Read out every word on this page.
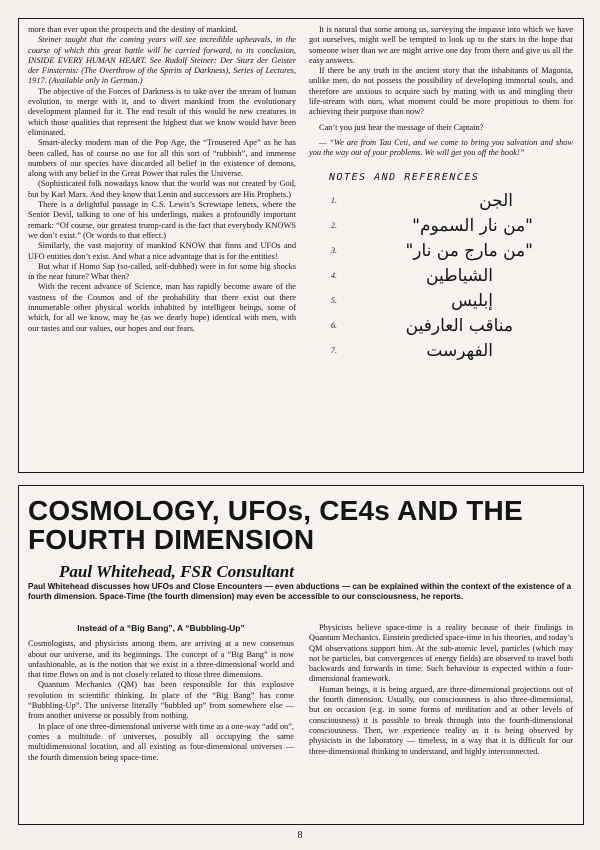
more than ever upon the prospects and the destiny of mankind.

Steiner taught that the coming years will see incredible upheavals, in the course of which this great battle will be carried forward, to its conclusion, INSIDE EVERY HUMAN HEART. See Rudolf Steiner: Der Sturz der Geister der Finsternis: (The Overthrow of the Spirits of Darkness), Series of Lectures, 1917. (Available only in German.)

The objective of the Forces of Darkness is to take over the stream of human evolution, to merge with it, and to divert mankind from the evolutionary development planned for it. The end result of this would be new creatures in which those qualities that represent the highest that we know would have been eliminated.

Smart-alecky modern man of the Pop Age, the “Trousered Ape” as he has been called, has of course no use for all this sort of “rubbish”, and immense numbers of our species have discarded all belief in the existence of demons, along with any belief in the Great Power that rules the Universe.

(Sophisticated folk nowadays know that the world was not created by God, but by Karl Marx. And they know that Lenin and successors are His Prophets.)

There is a delightful passage in C.S. Lewis’s Screwtape letters, where the Senior Devil, talking to one of his underlings, makes a profoundly important remark: “Of course, our greatest trump-card is the fact that everybody KNOWS we don’t exist.” (Or words to that effect.)

Similarly, the vast majority of mankind KNOW that finns and UFOs and UFO entities don’t exist. And what a nice advantage that is for the entities!

But what if Homo Sap (so-called, self-dubbed) were in for some big shocks in the near future? What then?

With the recent advance of Science, man has rapidly become aware of the vastness of the Cosmos and of the probability that there exist out there innumerable other physical worlds inhabited by intelligent beings, some of which, for all we know, may be (as we dearly hope) identical with men, with our tastes and our values, our hopes and our fears.

It is natural that some among us, surveying the impasse into which we have got ourselves, might well be tempted to look up to the stars in the hope that someone wiser than we are might arrive one day from there and give us all the easy answers.

If there be any truth in the ancient story that the inhabitants of Magonia, unlike men, do not possess the possibility of developing immortal souls, and therefore are anxious to acquire such by mating with us and mingling their life-stream with ours, what moment could be more propitious to them for achieving their purpose than now?

Can’t you just hear the message of their Captain?

— “We are from Tau Ceti, and we come to bring you salvation and show you the way out of your problems. We will get you off the hook!”

NOTES AND REFERENCES
1.	الجن
2.	"من نار السموم"
3.	"من مارج من نار"
4.	الشياطين
5.	إبليس
6.	مناقب العارفين
7.	الفهرست
COSMOLOGY, UFOs, CE4s AND THE FOURTH DIMENSION
Paul Whitehead, FSR Consultant
Paul Whitehead discusses how UFOs and Close Encounters — even abductions — can be explained within the context of the existence of a fourth dimension. Space-Time (the fourth dimension) may even be accessible to our consciousness, he reports.
Instead of a “Big Bang”, A “Bubbling-Up”

Cosmologists, and physicists among them, are arriving at a new consensus about our universe, and its beginnings. The concept of a “Big Bang” is now unfashionable, as is the notion that we exist in a three-dimensional world and that time flows on and is not closely related to those three dimensions.

Quantum Mechanics (QM) has been responsible for this explosive revolution in scientific thinking. In place of the “Big Bang” has come “Bubbling-Up”. The universe literally “bubbled up” from somewhere else — from another universe or possibly from nothing.

In place of one three-dimensional universe with time as a one-way “add on”, comes a multitude of universes, possibly all occupying the same multidimensional location, and all existing as four-dimensional universes — the fourth dimension being space-time.

Physicists believe space-time is a reality because of their findings in Quantum Mechanics. Einstein predicted space-time in his theories, and today’s QM observations support him. At the sub-atomic level, particles (which may not be particles, but convergences of energy fields) are observed to travel both backwards and forwards in time. Such behaviour is expected within a four-dimensional framework.

Human beings, it is being argued, are three-dimensional projections out of the fourth dimension. Usually, our consciousness is also three-dimensional, but on occasion (e.g. in some forms of meditation and at other levels of consciousness) it is possible to break through into the fourth-dimensional consciousness. Then, we experience reality as it is being observed by physicists in the laboratory — timeless, in a way that it is difficult for our three-dimensional thinking to understand, and highly interconnected.

8
